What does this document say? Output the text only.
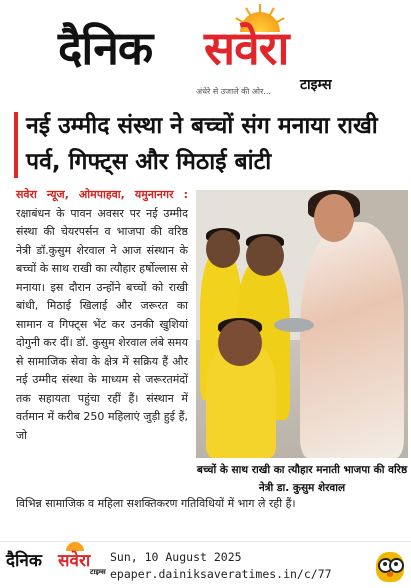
दैनिक सवेरा
टाइम्स
अंधेरे से उजाले की ओर...
नई उम्मीद संस्था ने बच्चों संग मनाया राखी पर्व, गिफ्ट्स और मिठाई बांटी
सवेरा न्यूज, ओमपाहवा, यमुनानगर : रक्षाबंधन के पावन अवसर पर नई उम्मीद संस्था की चेयरपर्सन व भाजपा की वरिष्ठ नेत्री डॉ.कुसुम शेरवाल ने आज संस्थान के बच्चों के साथ राखी का त्यौहार हर्षोल्लास से मनाया। इस दौरान उन्होंने बच्चों को राखी बांधी, मिठाई खिलाई और जरूरत का सामान व गिफ्ट्स भेंट कर उनकी खुशियां दोगुनी कर दीं। डॉ. कुसुम शेरवाल लंबे समय से सामाजिक सेवा के क्षेत्र में सक्रिय हैं और नई उम्मीद संस्था के माध्यम से जरूरतमंदों तक सहायता पहुंचा रहीं हैं। संस्थान में वर्तमान में करीब 250 महिलाएं जुड़ी हुई हैं, जो
बच्चों के साथ राखी का त्यौहार मनाती भाजपा की वरिष्ठ नेत्री डा. कुसुम शेरवाल
विभिन्न सामाजिक व महिला सशक्तिकरण गतिविधियों में भाग ले रही हैं।
दैनिक सवेरा
टाइम्स
Sun, 10 August 2025
epaper.dainiksaveratimes.in/c/77
